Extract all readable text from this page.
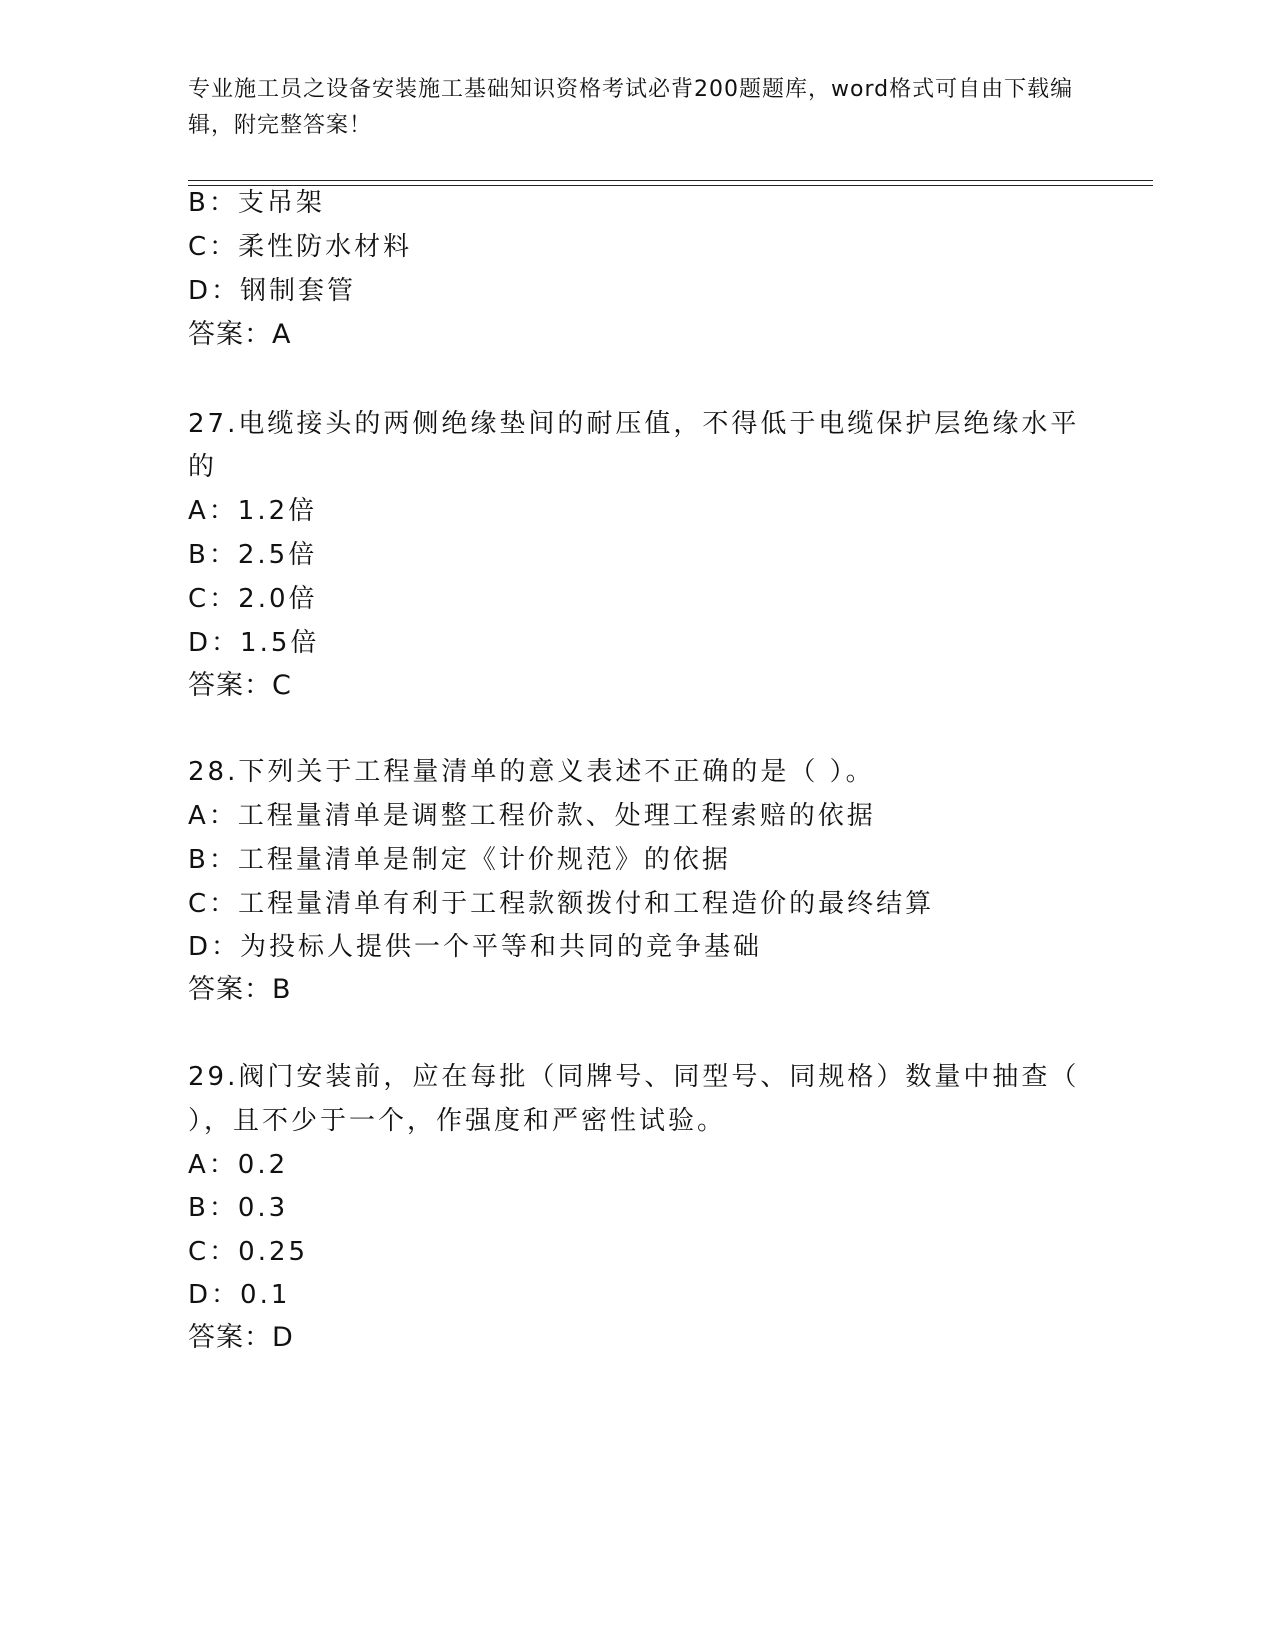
专业施工员之设备安装施工基础知识资格考试必背200题题库，word格式可自由下载编辑，附完整答案！
B：支吊架
C：柔性防水材料
D：钢制套管
答案：A
27.电缆接头的两侧绝缘垫间的耐压值，不得低于电缆保护层绝缘水平
的
A：1.2倍
B：2.5倍
C：2.0倍
D：1.5倍
答案：C
28.下列关于工程量清单的意义表述不正确的是（ ）。
A：工程量清单是调整工程价款、处理工程索赔的依据
B：工程量清单是制定《计价规范》的依据
C：工程量清单有利于工程款额拨付和工程造价的最终结算
D：为投标人提供一个平等和共同的竞争基础
答案：B
29.阀门安装前，应在每批（同牌号、同型号、同规格）数量中抽查（
），且不少于一个，作强度和严密性试验。
A：0.2
B：0.3
C：0.25
D：0.1
答案：D
